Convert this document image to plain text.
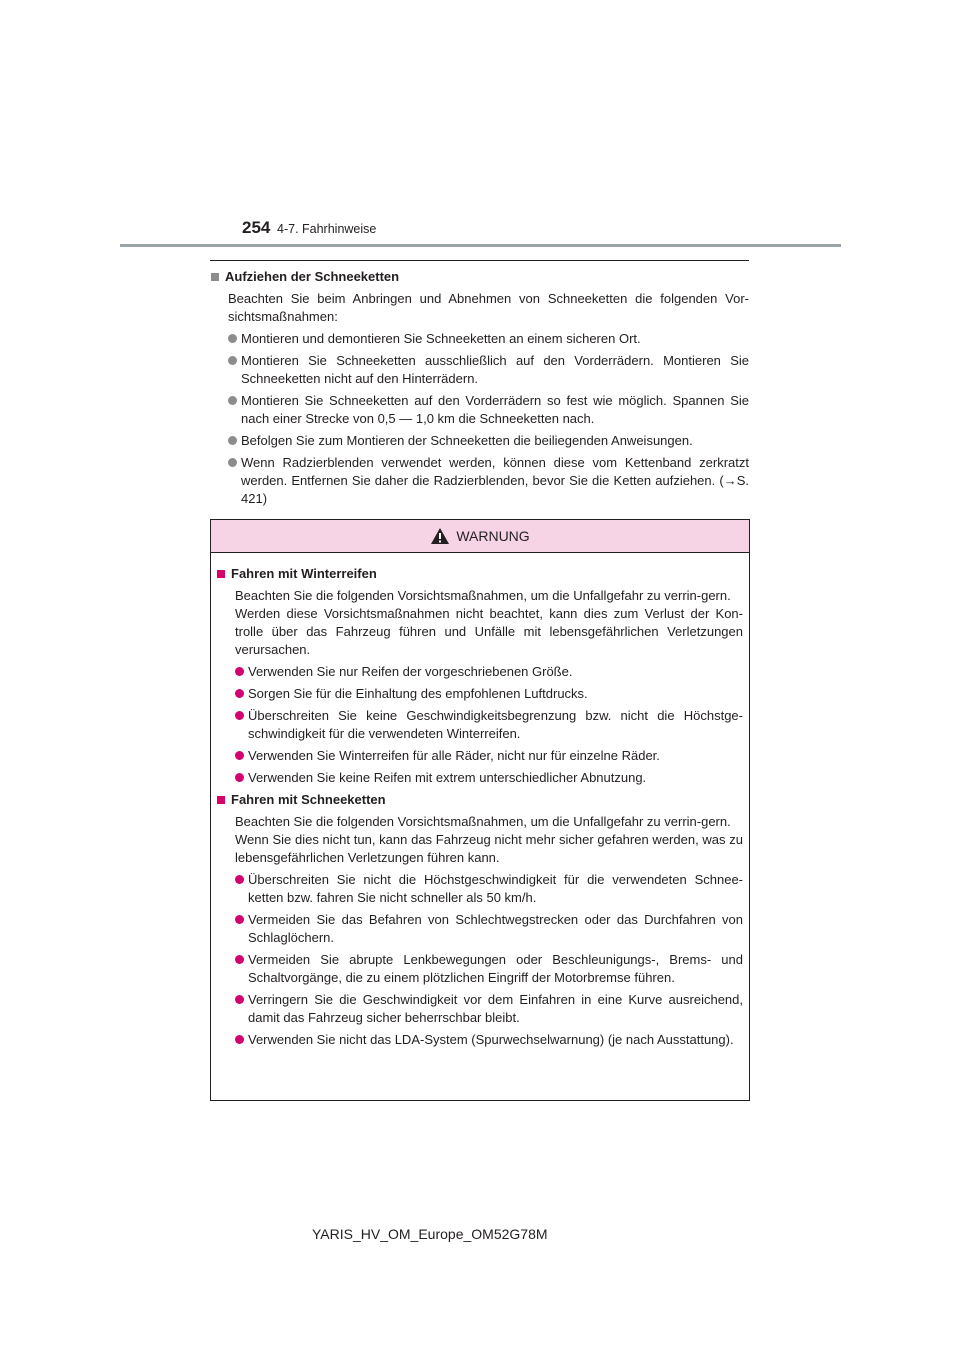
254 4-7. Fahrhinweise
Aufziehen der Schneeketten

Beachten Sie beim Anbringen und Abnehmen von Schneeketten die folgenden Vor-sichtsmaßnahmen:

Montieren und demontieren Sie Schneeketten an einem sicheren Ort.
Montieren Sie Schneeketten ausschließlich auf den Vorderrädern. Montieren Sie Schneeketten nicht auf den Hinterrädern.
Montieren Sie Schneeketten auf den Vorderrädern so fest wie möglich. Spannen Sie nach einer Strecke von 0,5 — 1,0 km die Schneeketten nach.
Befolgen Sie zum Montieren der Schneeketten die beiliegenden Anweisungen.
Wenn Radzierblenden verwendet werden, können diese vom Kettenband zerkratzt werden. Entfernen Sie daher die Radzierblenden, bevor Sie die Ketten aufziehen. (→S. 421)
WARNUNG
Fahren mit Winterreifen

Beachten Sie die folgenden Vorsichtsmaßnahmen, um die Unfallgefahr zu verrin-gern.

Werden diese Vorsichtsmaßnahmen nicht beachtet, kann dies zum Verlust der Kon-trolle über das Fahrzeug führen und Unfälle mit lebensgefährlichen Verletzungen verursachen.

Verwenden Sie nur Reifen der vorgeschriebenen Größe.
Sorgen Sie für die Einhaltung des empfohlenen Luftdrucks.
Überschreiten Sie keine Geschwindigkeitsbegrenzung bzw. nicht die Höchstge-schwindigkeit für die verwendeten Winterreifen.
Verwenden Sie Winterreifen für alle Räder, nicht nur für einzelne Räder.
Verwenden Sie keine Reifen mit extrem unterschiedlicher Abnutzung.
Fahren mit Schneeketten

Beachten Sie die folgenden Vorsichtsmaßnahmen, um die Unfallgefahr zu verrin-gern.

Wenn Sie dies nicht tun, kann das Fahrzeug nicht mehr sicher gefahren werden, was zu lebensgefährlichen Verletzungen führen kann.

Überschreiten Sie nicht die Höchstgeschwindigkeit für die verwendeten Schnee-ketten bzw. fahren Sie nicht schneller als 50 km/h.
Vermeiden Sie das Befahren von Schlechtwegstrecken oder das Durchfahren von Schlaglöchern.
Vermeiden Sie abrupte Lenkbewegungen oder Beschleunigungs-, Brems- und Schaltvorgänge, die zu einem plötzlichen Eingriff der Motorbremse führen.
Verringern Sie die Geschwindigkeit vor dem Einfahren in eine Kurve ausreichend, damit das Fahrzeug sicher beherrschbar bleibt.
Verwenden Sie nicht das LDA-System (Spurwechselwarnung) (je nach Ausstattung).
YARIS_HV_OM_Europe_OM52G78M
